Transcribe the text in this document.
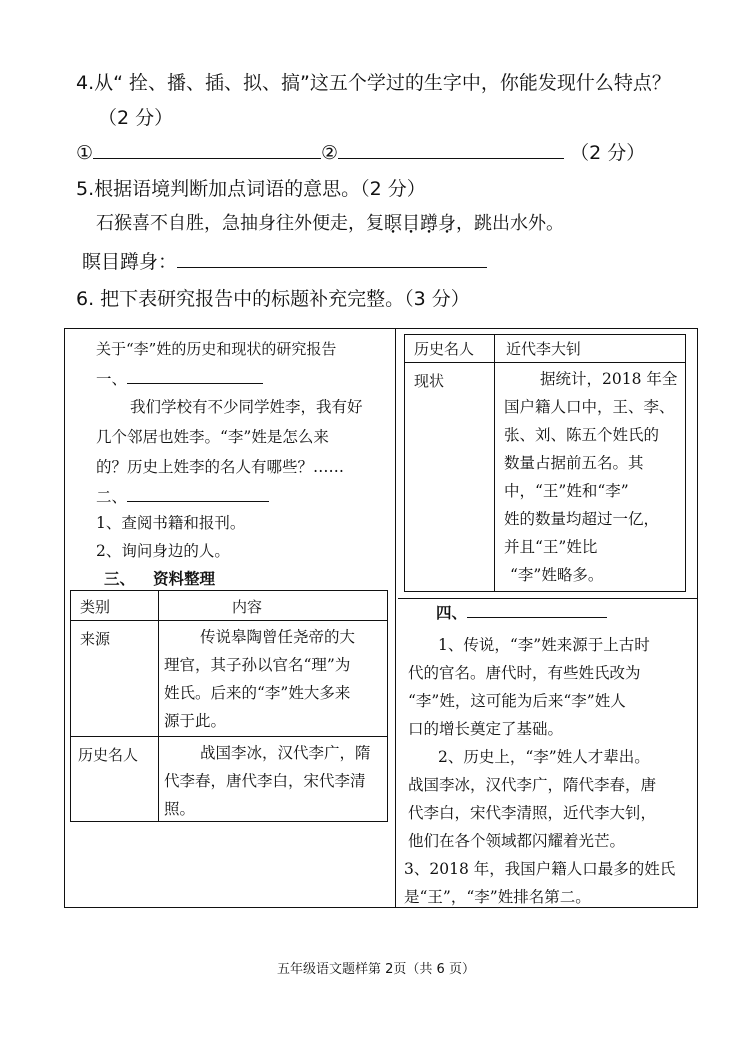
4.从“ 拴、播、插、拟、搞”这五个学过的生字中，你能发现什么特点？
（2 分）
①	②	（2 分）
5.根据语境判断加点词语的意思。（2 分）
石猴喜不自胜，急抽身往外便走，复瞑目蹲身，跳出水外。
瞑目蹲身：
6. 把下表研究报告中的标题补充完整。（3 分）
关于“李”姓的历史和现状的研究报告
一、
我们学校有不少同学姓李，我有好
几个邻居也姓李。“李”姓是怎么来
的？历史上姓李的名人有哪些？……
二、
1、查阅书籍和报刊。
2、询问身边的人。
三、 资料整理
类别	内容
来源	传说皋陶曾任尧帝的大
理官，其子孙以官名“理”为
姓氏。后来的“李”姓大多来
源于此。
历史名人	战国李冰，汉代李广，隋
代李春，唐代李白，宋代李清
照。
历史名人 近代李大钊
现状	据统计，2018 年全
国户籍人口中，王、李、
张、刘、陈五个姓氏的
数量占据前五名。其
中，“王”姓和“李”
姓的数量均超过一亿，
并且“王”姓比
“李”姓略多。
四、
1、传说，“李”姓来源于上古时
代的官名。唐代时，有些姓氏改为
“李”姓，这可能为后来“李”姓人
口的增长奠定了基础。
2、历史上，“李”姓人才辈出。
战国李冰，汉代李广，隋代李春，唐
代李白，宋代李清照，近代李大钊，
他们在各个领域都闪耀着光芒。
3、2018 年，我国户籍人口最多的姓氏
是“王”，“李”姓排名第二。
五年级语文题样第 2页（共 6 页）
